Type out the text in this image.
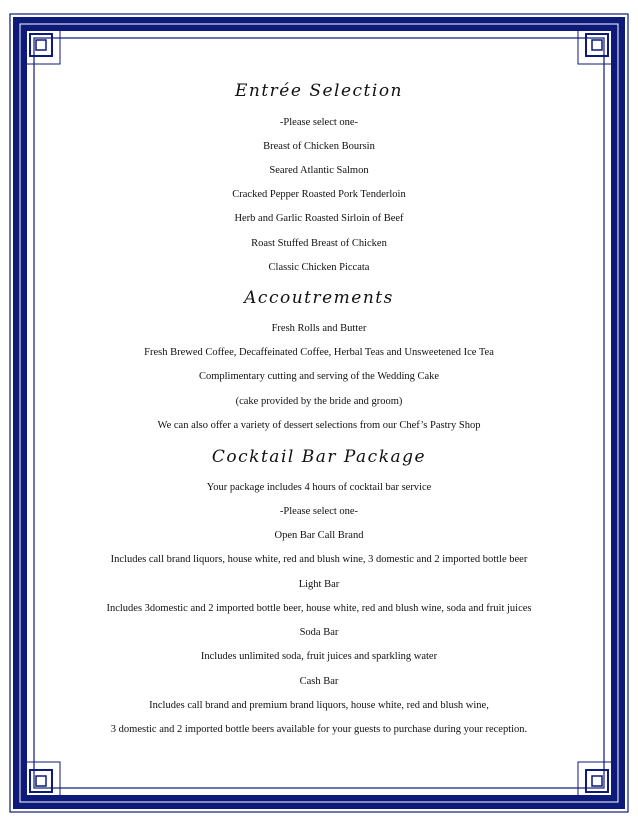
Entrée Selection
-Please select one-
Breast of Chicken Boursin
Seared Atlantic Salmon
Cracked Pepper Roasted Pork Tenderloin
Herb and Garlic Roasted Sirloin of Beef
Roast Stuffed Breast of Chicken
Classic Chicken Piccata
Accoutrements
Fresh Rolls and Butter
Fresh Brewed Coffee, Decaffeinated Coffee, Herbal Teas and Unsweetened Ice Tea
Complimentary cutting and serving of the Wedding Cake
(cake provided by the bride and groom)
We can also offer a variety of dessert selections from our Chef’s Pastry Shop
Cocktail Bar Package
Your package includes 4 hours of cocktail bar service
-Please select one-
Open Bar Call Brand
Includes call brand liquors, house white, red and blush wine, 3 domestic and 2 imported bottle beer
Light Bar
Includes 3domestic and 2 imported bottle beer, house white, red and blush wine, soda and fruit juices
Soda Bar
Includes unlimited soda, fruit juices and sparkling water
Cash Bar
Includes call brand and premium brand liquors, house white, red and blush wine,
3 domestic and 2 imported bottle beers available for your guests to purchase during your reception.
